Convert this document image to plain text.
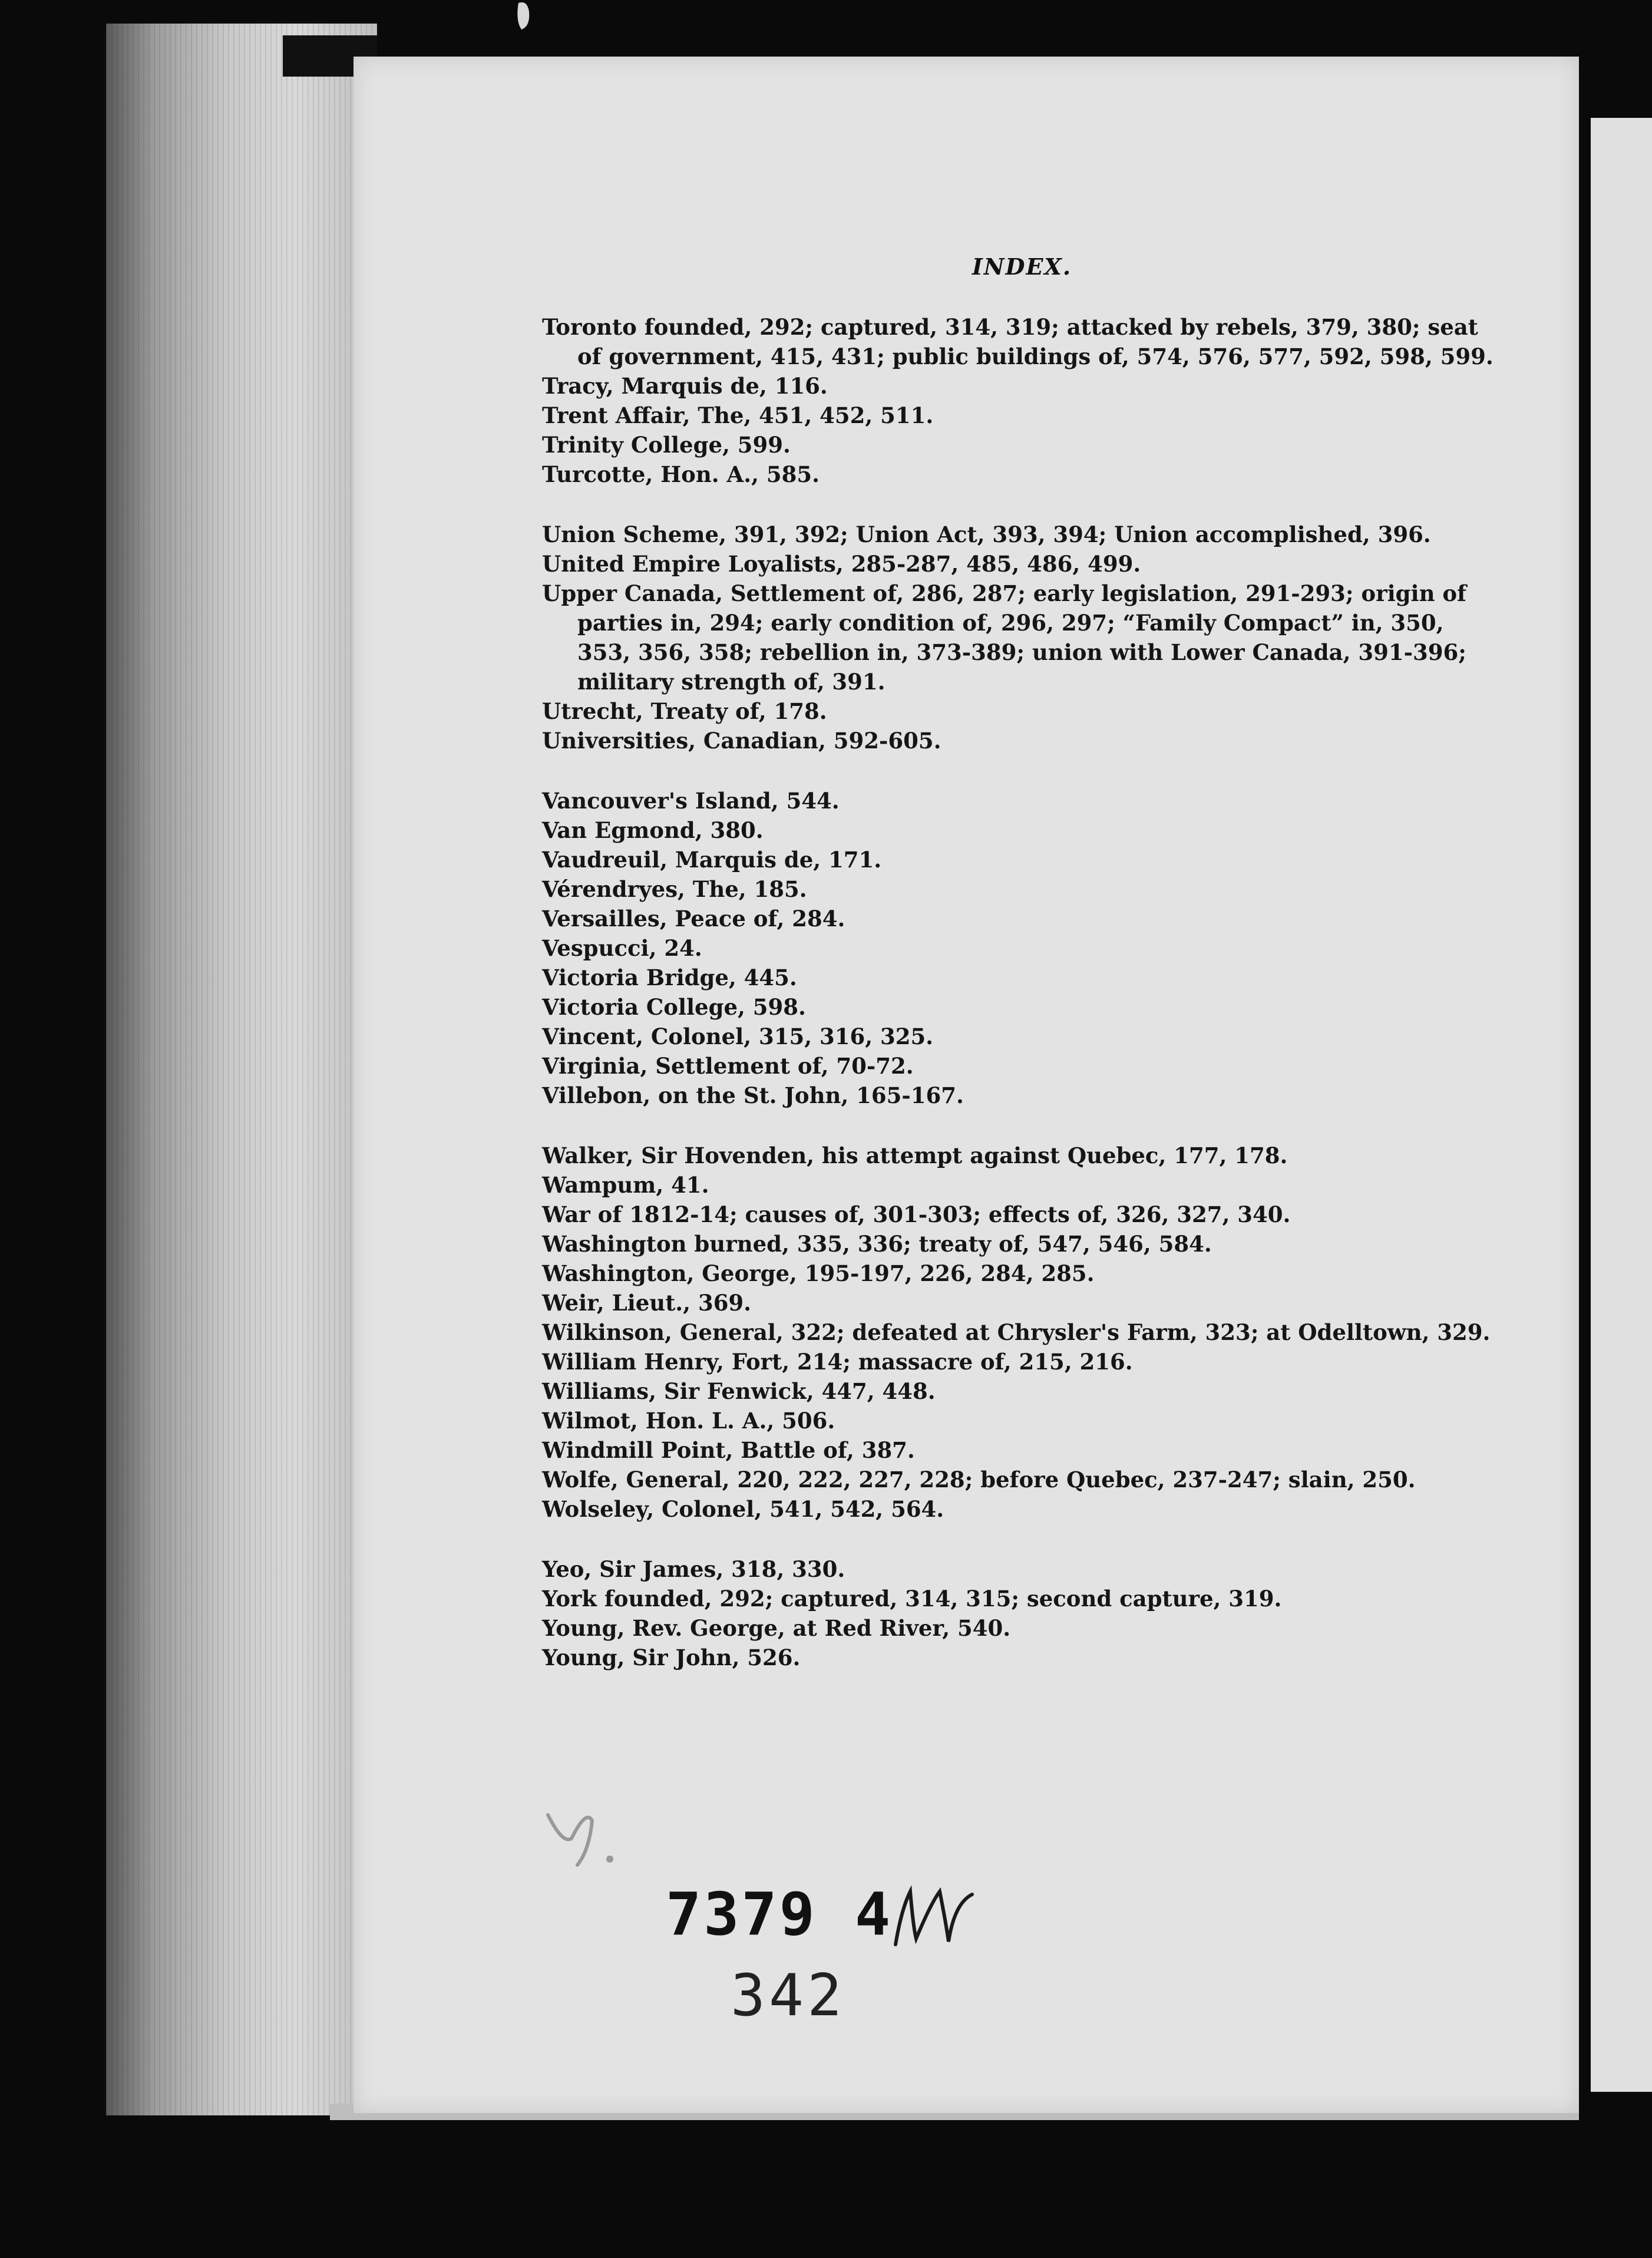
INDEX.

Toronto founded, 292; captured, 314, 319; attacked by rebels, 379, 380; seat of government, 415, 431; public buildings of, 574, 576, 577, 592, 598, 599.

Tracy, Marquis de, 116.

Trent Affair, The, 451, 452, 511.

Trinity College, 599.

Turcotte, Hon. A., 585.

Union Scheme, 391, 392; Union Act, 393, 394; Union accomplished, 396.

United Empire Loyalists, 285-287, 485, 486, 499.

Upper Canada, Settlement of, 286, 287; early legislation, 291-293; origin of parties in, 294; early condition of, 296, 297; “Family Compact” in, 350, 353, 356, 358; rebellion in, 373-389; union with Lower Canada, 391-396; military strength of, 391.

Utrecht, Treaty of, 178.

Universities, Canadian, 592-605.

Vancouver's Island, 544.

Van Egmond, 380.

Vaudreuil, Marquis de, 171.

Vérendryes, The, 185.

Versailles, Peace of, 284.

Vespucci, 24.

Victoria Bridge, 445.

Victoria College, 598.

Vincent, Colonel, 315, 316, 325.

Virginia, Settlement of, 70-72.

Villebon, on the St. John, 165-167.

Walker, Sir Hovenden, his attempt against Quebec, 177, 178.

Wampum, 41.

War of 1812-14; causes of, 301-303; effects of, 326, 327, 340.

Washington burned, 335, 336; treaty of, 547, 546, 584.

Washington, George, 195-197, 226, 284, 285.

Weir, Lieut., 369.

Wilkinson, General, 322; defeated at Chrysler's Farm, 323; at Odelltown, 329.

William Henry, Fort, 214; massacre of, 215, 216.

Williams, Sir Fenwick, 447, 448.

Wilmot, Hon. L. A., 506.

Windmill Point, Battle of, 387.

Wolfe, General, 220, 222, 227, 228; before Quebec, 237-247; slain, 250.

Wolseley, Colonel, 541, 542, 564.

Yeo, Sir James, 318, 330.

York founded, 292; captured, 314, 315; second capture, 319.

Young, Rev. George, at Red River, 540.

Young, Sir John, 526.

7379 4
342
